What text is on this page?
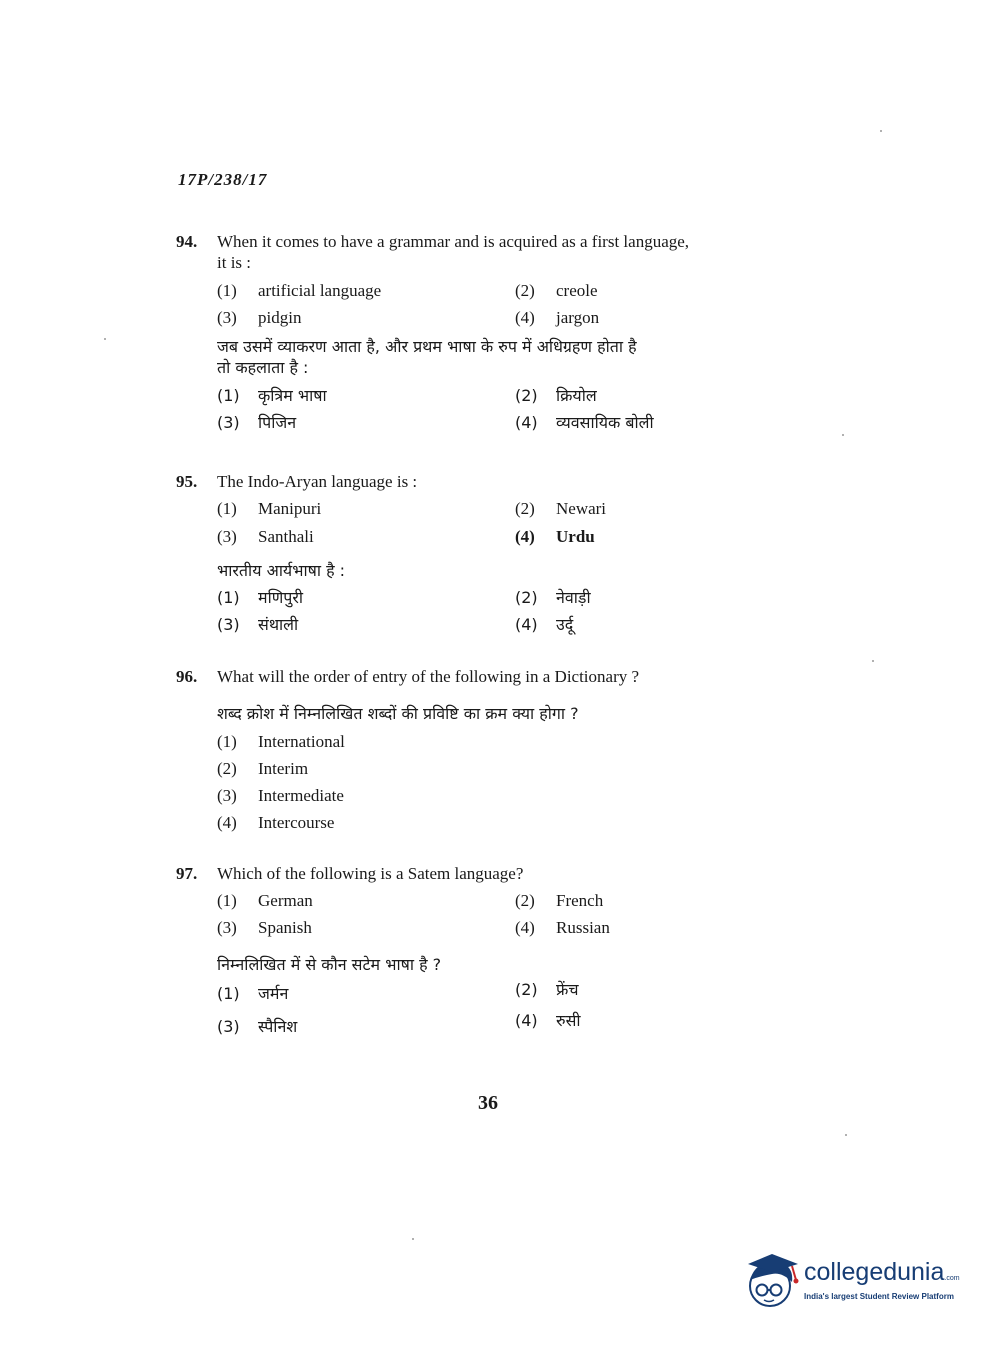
17P/238/17
94. When it comes to have a grammar and is acquired as a first language,
it is :
(1) artificial language	(2) creole
(3) pidgin	(4) jargon
जब उसमें व्याकरण आता है, और प्रथम भाषा के रुप में अधिग्रहण होता है
तो कहलाता है :
(1) कृत्रिम भाषा	(2) क्रियोल
(3) पिजिन	(4) व्यवसायिक बोली
95. The Indo-Aryan language is :
(1) Manipuri	(2) Newari
(3) Santhali	(4) Urdu
भारतीय आर्यभाषा है :
(1) मणिपुरी	(2) नेवाड़ी
(3) संथाली	(4) उर्दू
96. What will the order of entry of the following in a Dictionary ?
शब्द क्रोश में निम्नलिखित शब्दों की प्रविष्टि का क्रम क्या होगा ?
(1) International
(2) Interim
(3) Intermediate
(4) Intercourse
97. Which of the following is a Satem language?
(1) German	(2) French
(3) Spanish	(4) Russian
निम्नलिखित में से कौन सटेम भाषा है ?
(1) जर्मन	(2) फ्रेंच
(3) स्पैनिश	(4) रुसी
36
collegedunia.com
India's largest Student Review Platform
